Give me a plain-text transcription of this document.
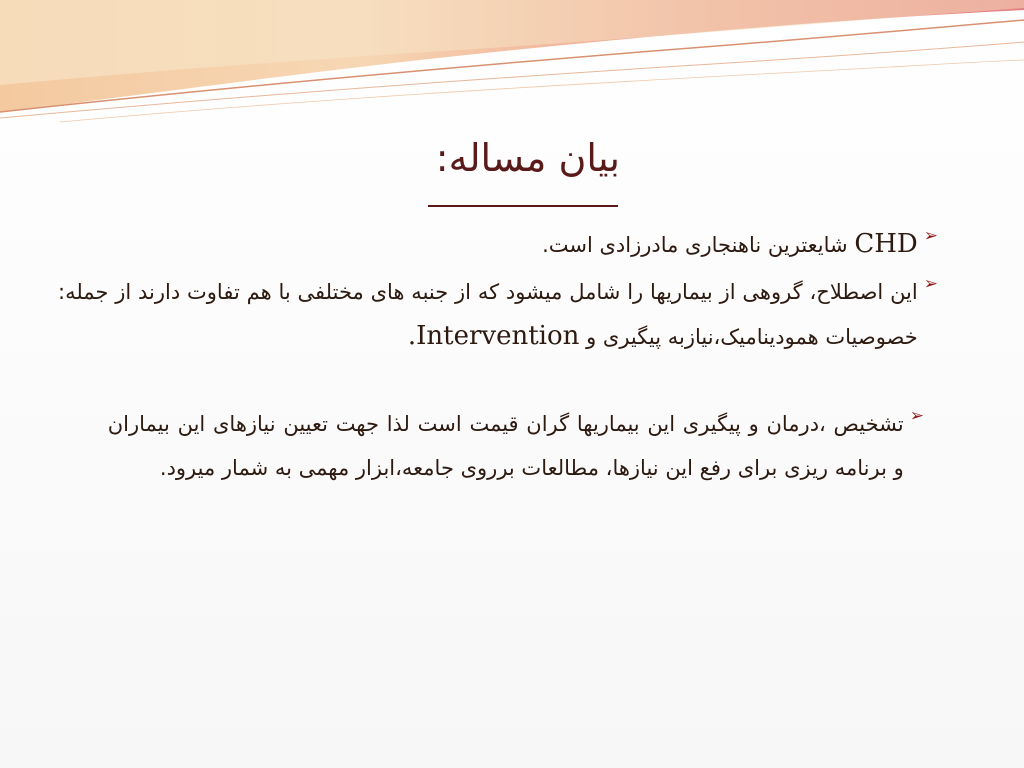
بیان مساله:
➢
CHD شایعترین ناهنجاری مادرزادی است.
➢
این اصطلاح، گروهی از بیماریها را شامل میشود که از جنبه های مختلفی با هم تفاوت دارند از جمله: خصوصیات همودینامیک،نیازبه پیگیری و Intervention.
➢
تشخیص ،درمان و پیگیری این بیماریها گران قیمت است لذا جهت تعیین نیازهای این بیماران و برنامه ریزی برای رفع این نیازها، مطالعات برروی جامعه،ابزار مهمی به شمار میرود.
